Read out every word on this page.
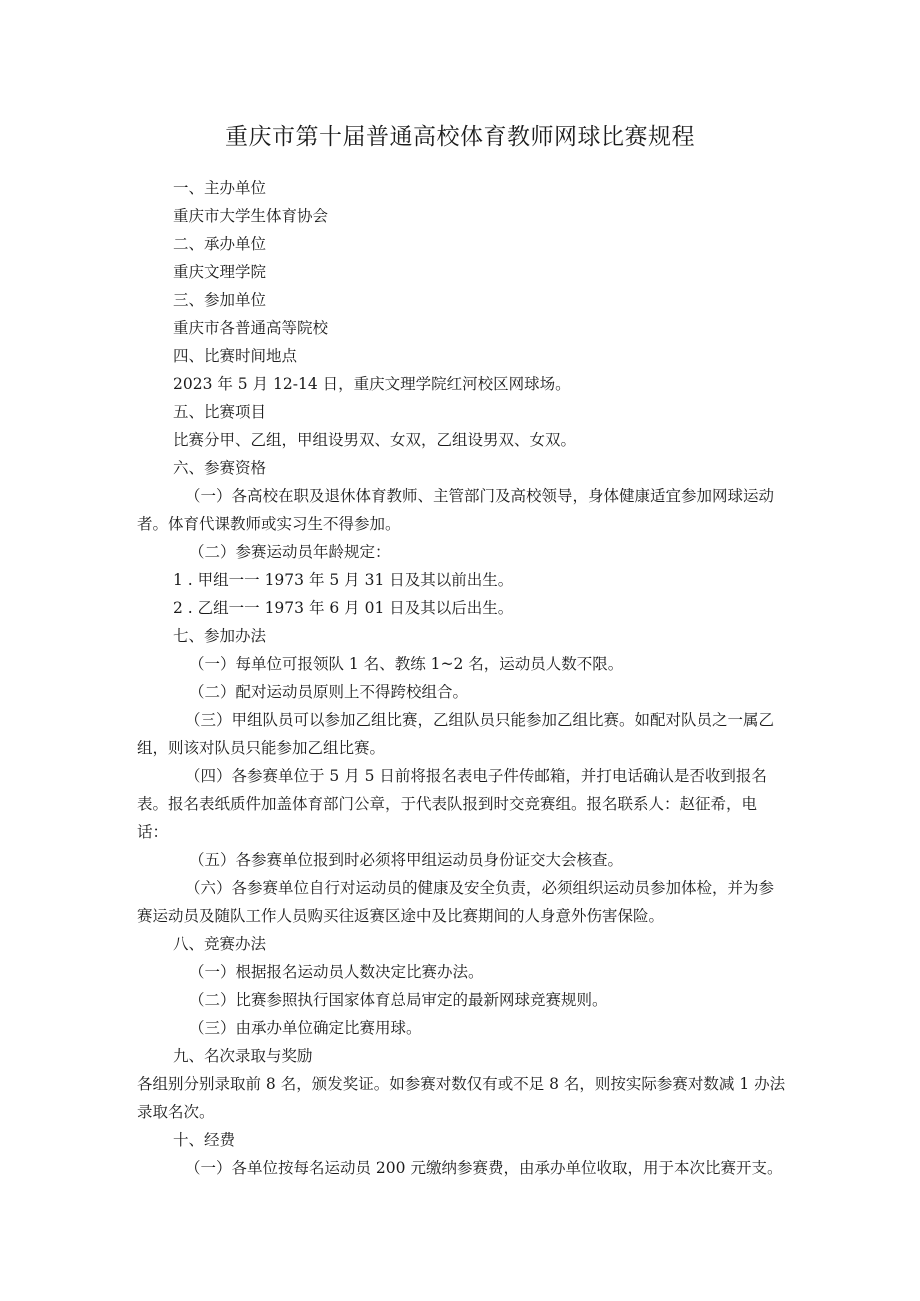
重庆市第十届普通高校体育教师网球比赛规程

一、主办单位

重庆市大学生体育协会

二、承办单位

重庆文理学院

三、参加单位

重庆市各普通高等院校

四、比赛时间地点

2023 年 5 月 12-14 日，重庆文理学院红河校区网球场。

五、比赛项目

比赛分甲、乙组，甲组设男双、女双，乙组设男双、女双。

六、参赛资格

（一）各高校在职及退休体育教师、主管部门及高校领导，身体健康适宜参加网球运动者。体育代课教师或实习生不得参加。

（二）参赛运动员年龄规定：

1 . 甲组一一 1973 年 5 月 31 日及其以前出生。

2 . 乙组一一 1973 年 6 月 01 日及其以后出生。

七、参加办法

（一）每单位可报领队 1 名、教练 1~2 名，运动员人数不限。

（二）配对运动员原则上不得跨校组合。

（三）甲组队员可以参加乙组比赛，乙组队员只能参加乙组比赛。如配对队员之一属乙组，则该对队员只能参加乙组比赛。

（四）各参赛单位于 5 月 5 日前将报名表电子件传邮箱，并打电话确认是否收到报名表。报名表纸质件加盖体育部门公章，于代表队报到时交竞赛组。报名联系人：赵征希，电话：

（五）各参赛单位报到时必须将甲组运动员身份证交大会核查。

（六）各参赛单位自行对运动员的健康及安全负责，必须组织运动员参加体检，并为参赛运动员及随队工作人员购买往返赛区途中及比赛期间的人身意外伤害保险。

八、竞赛办法

（一）根据报名运动员人数决定比赛办法。

（二）比赛参照执行国家体育总局审定的最新网球竞赛规则。

（三）由承办单位确定比赛用球。

九、名次录取与奖励

各组别分别录取前 8 名，颁发奖证。如参赛对数仅有或不足 8 名，则按实际参赛对数减 1 办法录取名次。

十、经费

（一）各单位按每名运动员 200 元缴纳参赛费，由承办单位收取，用于本次比赛开支。
